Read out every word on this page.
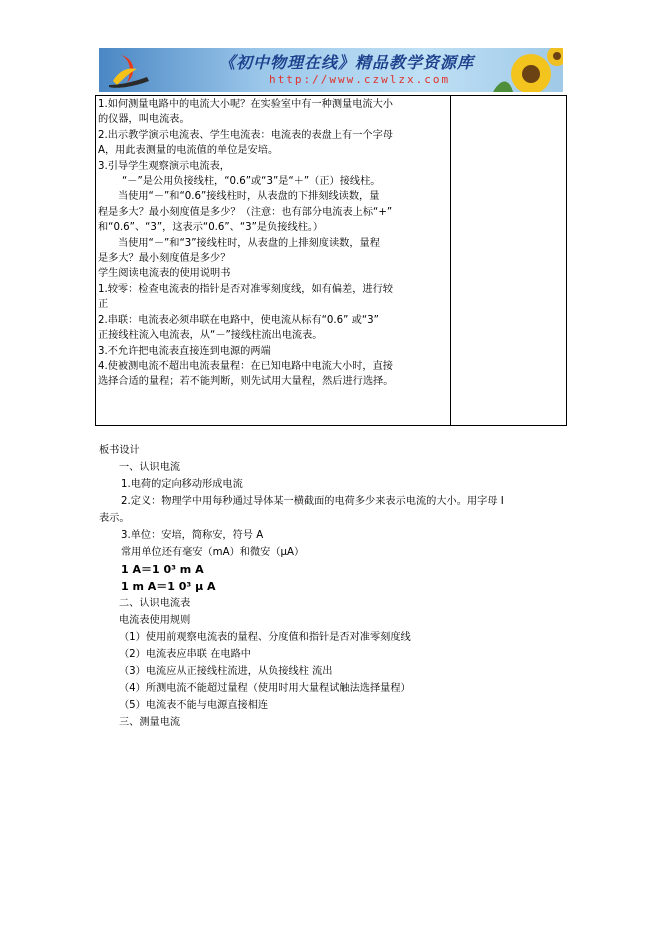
《初中物理在线》精品教学资源库
http://www.czwlzx.com

1.如何测量电路中的电流大小呢？在实验室中有一种测量电流大小

的仪器，叫电流表。

2.出示教学演示电流表、学生电流表：电流表的表盘上有一个字母

A，用此表测量的电流值的单位是安培。

3.引导学生观察演示电流表，

“－”是公用负接线柱，“0.6”或“3”是“＋”（正）接线柱。

当使用“－”和“0.6”接线柱时，从表盘的下排刻线读数，量

程是多大？最小刻度值是多少？（注意：也有部分电流表上标“+”

和“0.6”、“3”，这表示“0.6”、“3”是负接线柱。）

当使用“－”和“3”接线柱时，从表盘的上排刻度读数，量程

是多大？最小刻度值是多少？

学生阅读电流表的使用说明书

1.较零：检查电流表的指针是否对准零刻度线，如有偏差，进行较

正

2.串联：电流表必须串联在电路中，使电流从标有“0.6” 或“3”

正接线柱流入电流表，从“－”接线柱流出电流表。

3.不允许把电流表直接连到电源的两端

4.使被测电流不超出电流表量程：在已知电路中电流大小时，直接

选择合适的量程；若不能判断，则先试用大量程，然后进行选择。

板书设计

一、认识电流

1.电荷的定向移动形成电流

2.定义：物理学中用每秒通过导体某一横截面的电荷多少来表示电流的大小。用字母 I

表示。

3.单位：安培，简称安，符号 A

常用单位还有毫安（mA）和微安（μA）

1 A＝1 0³ m A

1 m A＝1 0³ μ A

二、认识电流表

电流表使用规则

（1）使用前观察电流表的量程、分度值和指针是否对准零刻度线

（2）电流表应串联 在电路中

（3）电流应从正接线柱流进，从负接线柱 流出

（4）所测电流不能超过量程（使用时用大量程试触法选择量程）

（5）电流表不能与电源直接相连

三、测量电流
